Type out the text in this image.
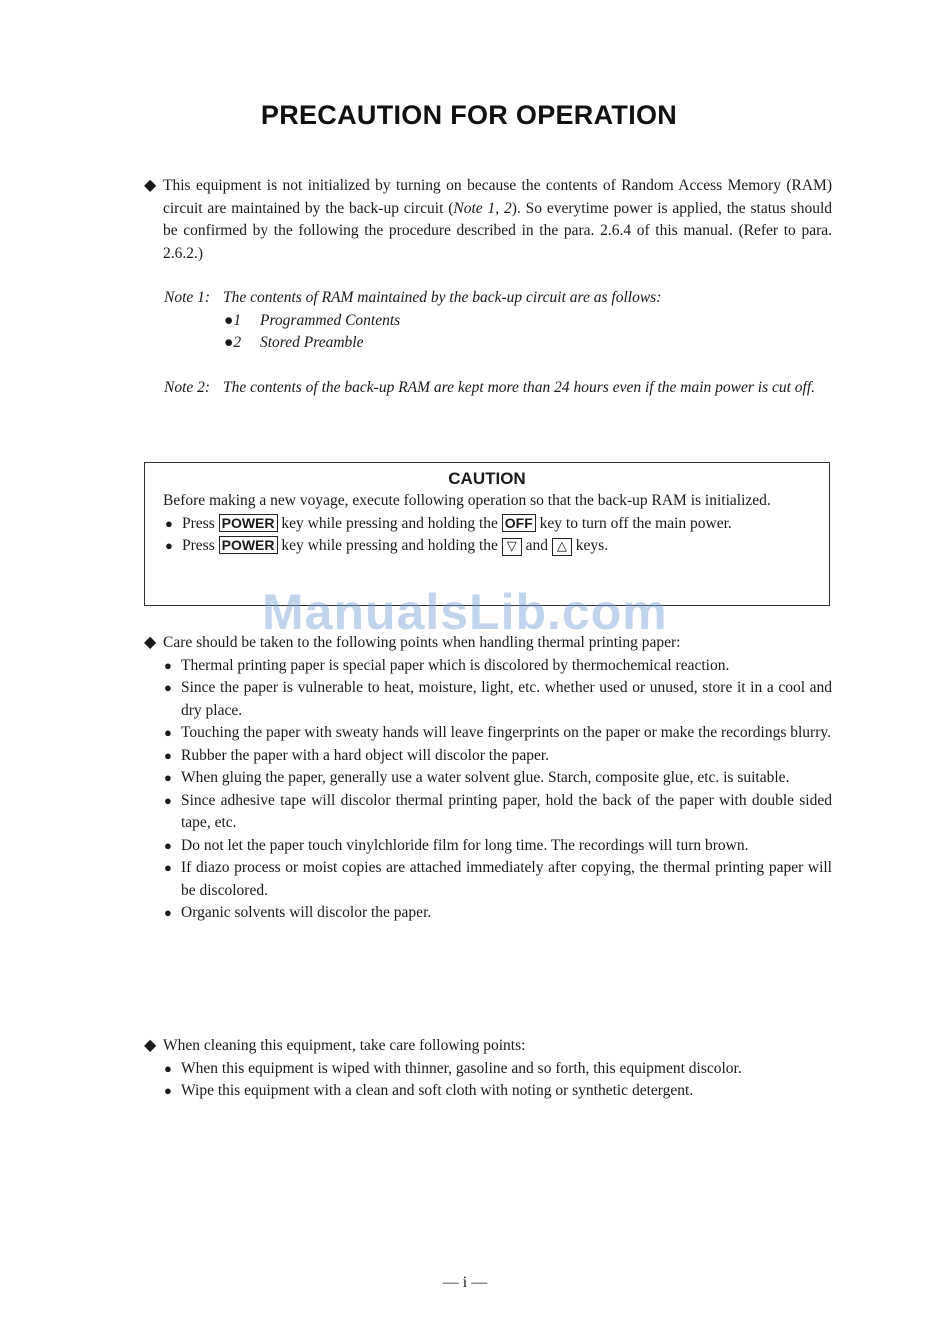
PRECAUTION FOR OPERATION
◆ This equipment is not initialized by turning on because the contents of Random Access Memory (RAM) circuit are maintained by the back-up circuit (Note 1, 2). So everytime power is applied, the status should be confirmed by the following the procedure described in the para. 2.6.4 of this manual. (Refer to para. 2.6.2.)
Note 1: The contents of RAM maintained by the back-up circuit are as follows:
●1 Programmed Contents
●2 Stored Preamble
Note 2: The contents of the back-up RAM are kept more than 24 hours even if the main power is cut off.
CAUTION
Before making a new voyage, execute following operation so that the back-up RAM is initialized.
● Press POWER key while pressing and holding the OFF key to turn off the main power.
● Press POWER key while pressing and holding the ▽ and △ keys.
◆ Care should be taken to the following points when handling thermal printing paper:
● Thermal printing paper is special paper which is discolored by thermochemical reaction.
● Since the paper is vulnerable to heat, moisture, light, etc. whether used or unused, store it in a cool and dry place.
● Touching the paper with sweaty hands will leave fingerprints on the paper or make the recordings blurry.
● Rubber the paper with a hard object will discolor the paper.
● When gluing the paper, generally use a water solvent glue. Starch, composite glue, etc. is suitable.
● Since adhesive tape will discolor thermal printing paper, hold the back of the paper with double sided tape, etc.
● Do not let the paper touch vinylchloride film for long time. The recordings will turn brown.
● If diazo process or moist copies are attached immediately after copying, the thermal printing paper will be discolored.
● Organic solvents will discolor the paper.
◆ When cleaning this equipment, take care following points:
● When this equipment is wiped with thinner, gasoline and so forth, this equipment discolor.
● Wipe this equipment with a clean and soft cloth with noting or synthetic detergent.
ManualsLib.com
— i —
